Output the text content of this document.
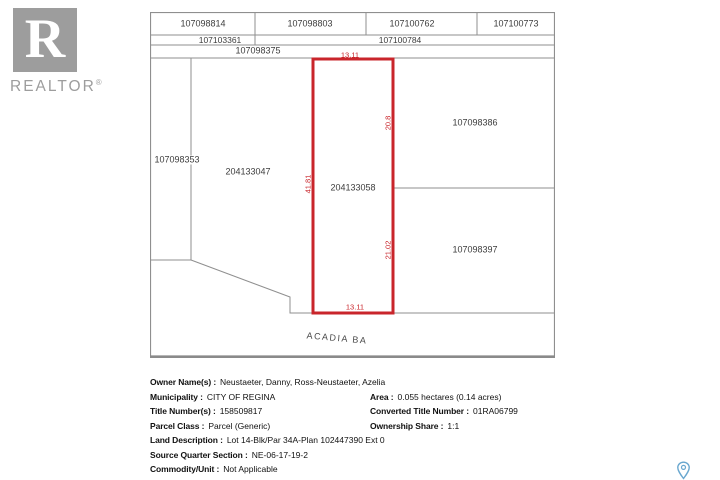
R
REALTOR®
107098814	107098803	107100762	107100773
107103361	107100784
107098375
107098353
204133047
204133058
107098386
107098397
13.11
20.8
41.81
21.02
13.11
ACADIA BA
Owner Name(s) : Neustaeter, Danny, Ross-Neustaeter, Azelia
Municipality : CITY OF REGINA	Area : 0.055 hectares (0.14 acres)
Title Number(s) : 158509817	Converted Title Number : 01RA06799
Parcel Class : Parcel (Generic)	Ownership Share : 1:1
Land Description : Lot 14-Blk/Par 34A-Plan 102447390 Ext 0
Source Quarter Section : NE-06-17-19-2
Commodity/Unit : Not Applicable
